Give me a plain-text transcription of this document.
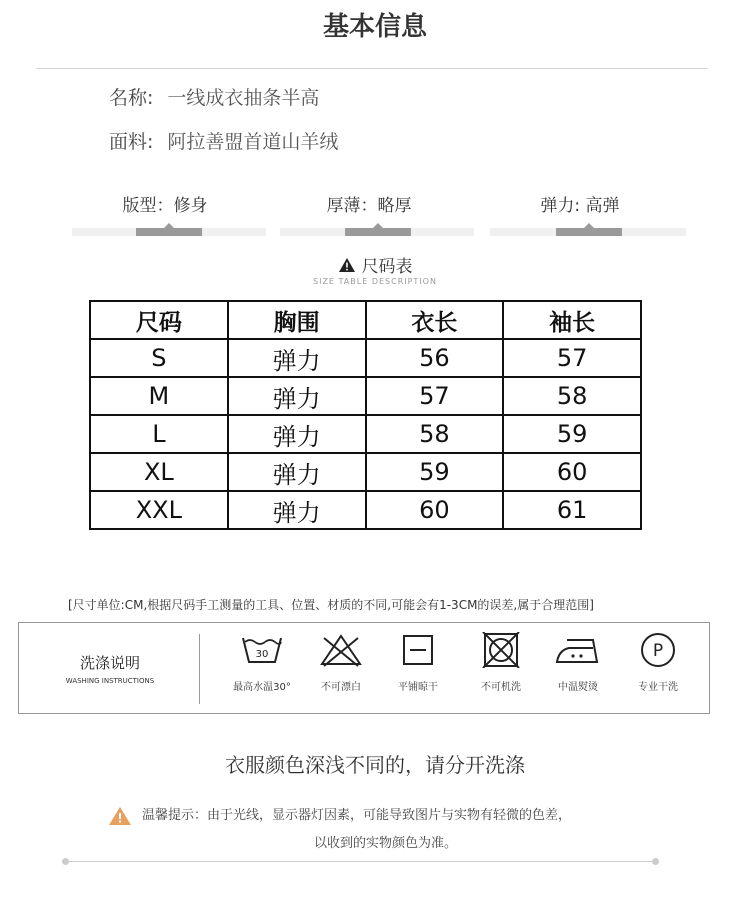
基本信息
名称: 一线成衣抽条半高
面料: 阿拉善盟首道山羊绒
版型：修身	厚薄：略厚	弹力: 高弹
尺码表
SIZE TABLE DESCRIPTION
尺码	胸围	衣长	袖长
S	弹力	56	57
M	弹力	57	58
L	弹力	58	59
XL	弹力	59	60
XXL	弹力	60	61
[尺寸单位:CM,根据尺码手工测量的工具、位置、材质的不同,可能会有1-3CM的误差,属于合理范围]
洗涤说明
WASHING INSTRUCTIONS
30
最高水温30°	不可漂白	平铺晾干	不可机洗	中温熨烫
P
专业干洗
衣服颜色深浅不同的，请分开洗涤
温馨提示：由于光线，显示器灯因素，可能导致图片与实物有轻微的色差，
以收到的实物颜色为准。
